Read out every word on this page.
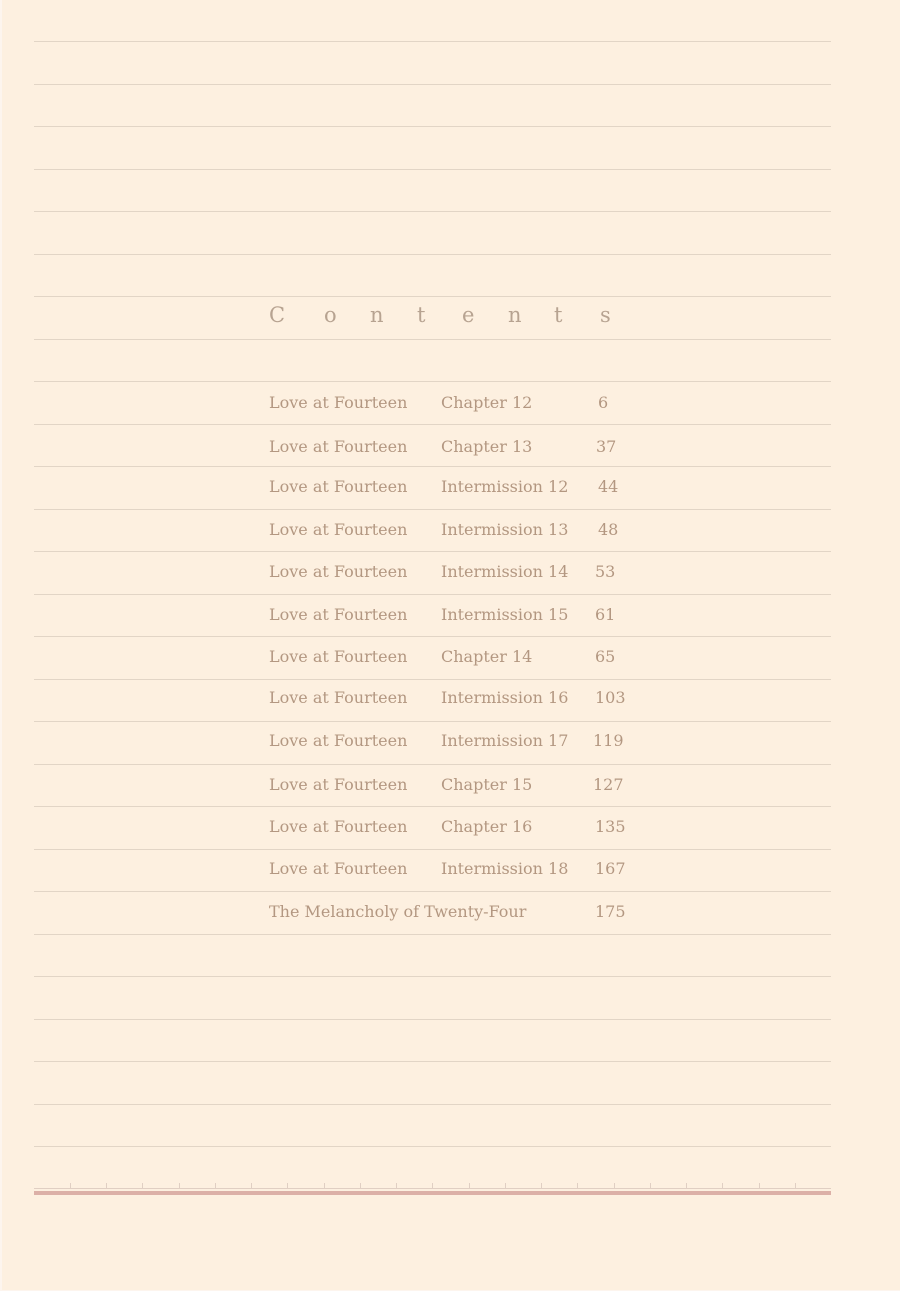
C o n t e n t s
Love at Fourteen Chapter 12	6
Love at Fourteen Chapter 13	37
Love at Fourteen Intermission 12 44
Love at Fourteen Intermission 13 48
Love at Fourteen Intermission 14 53
Love at Fourteen Intermission 15 61
Love at Fourteen Chapter 14	65
Love at Fourteen Intermission 16 103
Love at Fourteen Intermission 17 119
Love at Fourteen Chapter 15	127
Love at Fourteen Chapter 16	135
Love at Fourteen Intermission 18 167
The Melancholy of Twenty-Four	175
